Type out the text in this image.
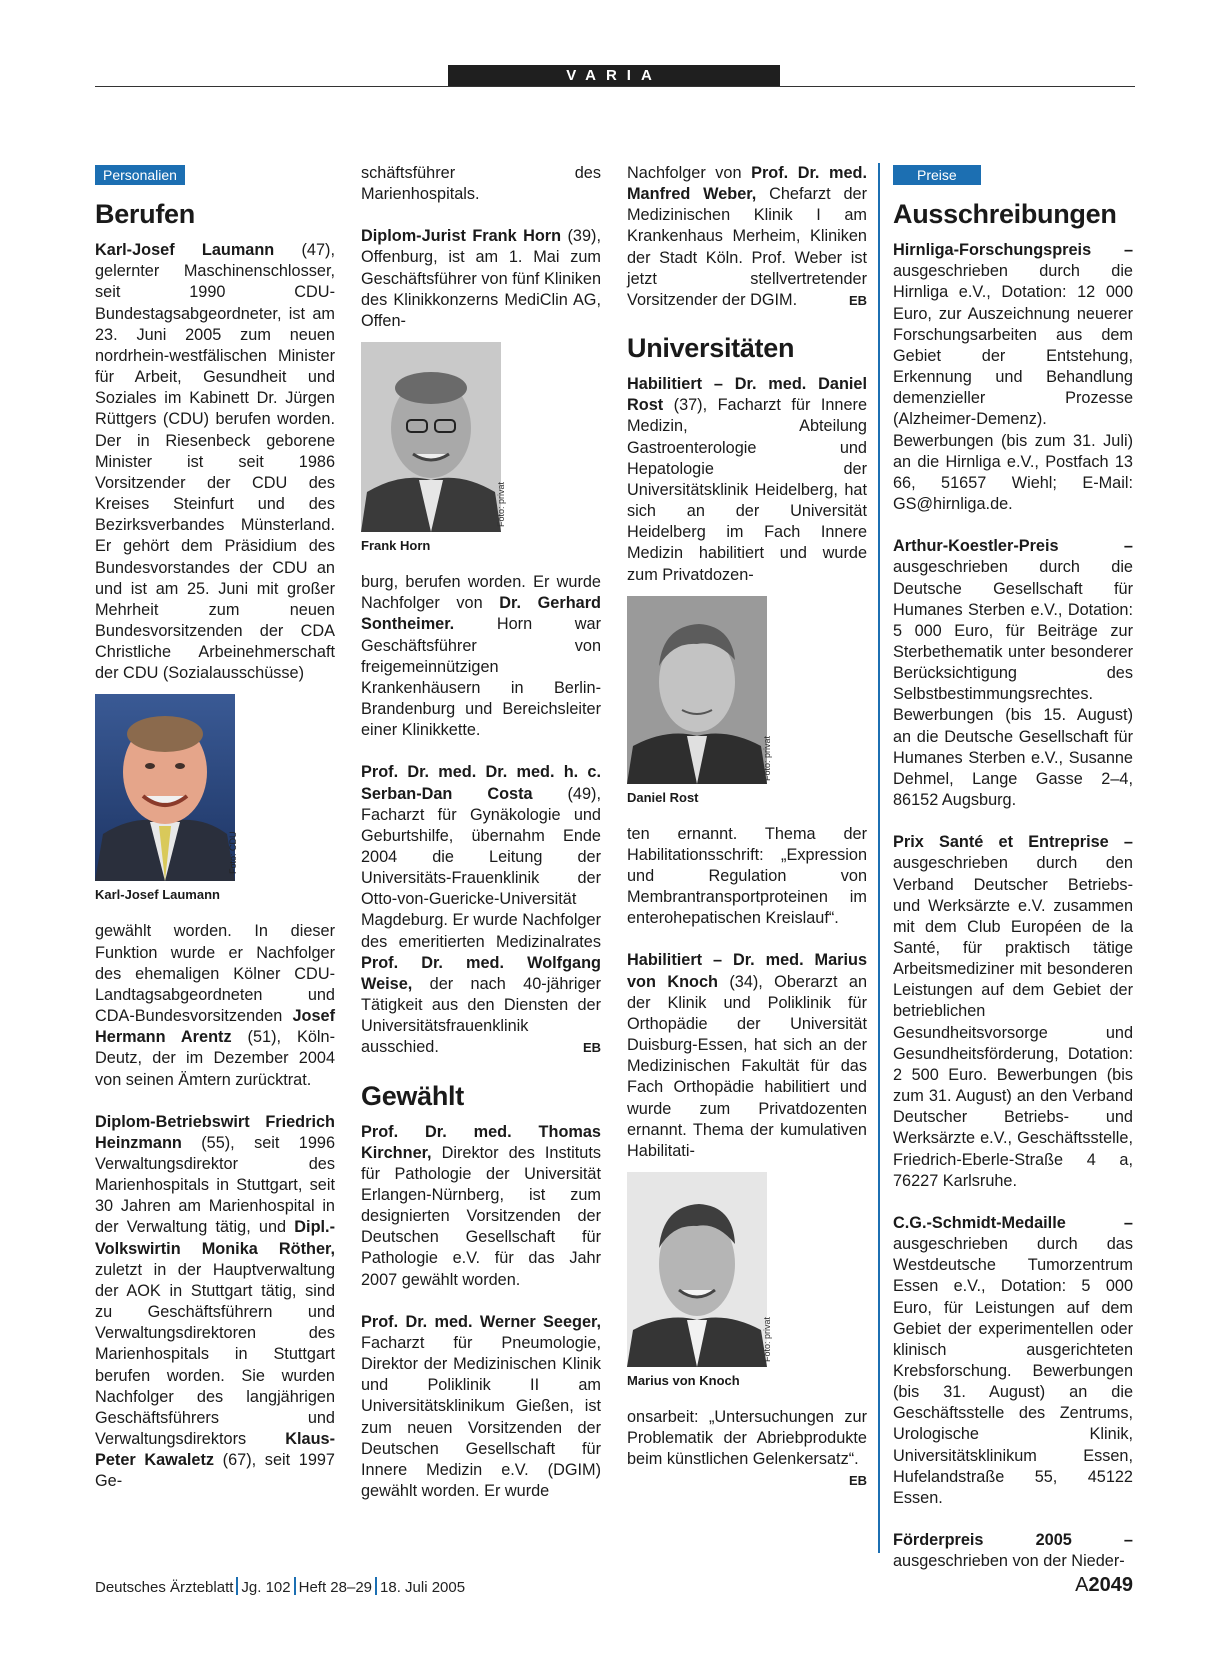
VARIA
Personalien
Berufen

Karl-Josef Laumann (47), gelernter Maschinenschlosser, seit 1990 CDU-Bundestagsabgeordneter, ist am 23. Juni 2005 zum neuen nordrhein-westfälischen Minister für Arbeit, Gesundheit und Soziales im Kabinett Dr. Jürgen Rüttgers (CDU) berufen worden. Der in Riesenbeck geborene Minister ist seit 1986 Vorsitzender der CDU des Kreises Steinfurt und des Bezirksverbandes Münsterland. Er gehört dem Präsidium des Bundesvorstandes der CDU an und ist am 25. Juni mit großer Mehrheit zum neuen Bundesvorsitzenden der CDA Christliche Arbeinehmerschaft der CDU (Sozialausschüsse)

Foto: CDU
Karl-Josef Laumann

gewählt worden. In dieser Funktion wurde er Nachfolger des ehemaligen Kölner CDU-Landtagsabgeordneten und CDA-Bundesvorsitzenden Josef Hermann Arentz (51), Köln-Deutz, der im Dezember 2004 von seinen Ämtern zurücktrat.

Diplom-Betriebswirt Friedrich Heinzmann (55), seit 1996 Verwaltungsdirektor des Marienhospitals in Stuttgart, seit 30 Jahren am Marienhospital in der Verwaltung tätig, und Dipl.-Volkswirtin Monika Röther, zuletzt in der Hauptverwaltung der AOK in Stuttgart tätig, sind zu Geschäftsführern und Verwaltungsdirektoren des Marienhospitals in Stuttgart berufen worden. Sie wurden Nachfolger des langjährigen Geschäftsführers und Verwaltungsdirektors Klaus-Peter Kawaletz (67), seit 1997 Ge-

schäftsführer des Marienhospitals.

Diplom-Jurist Frank Horn (39), Offenburg, ist am 1. Mai zum Geschäftsführer von fünf Kliniken des Klinikkonzerns MediClin AG, Offen-

Foto: privat
Frank Horn

burg, berufen worden. Er wurde Nachfolger von Dr. Gerhard Sontheimer. Horn war Geschäftsführer von freigemeinnützigen Krankenhäusern in Berlin-Brandenburg und Bereichsleiter einer Klinikkette.

Prof. Dr. med. Dr. med. h. c. Serban-Dan Costa (49), Facharzt für Gynäkologie und Geburtshilfe, übernahm Ende 2004 die Leitung der Universitäts-Frauenklinik der Otto-von-Guericke-Universität Magdeburg. Er wurde Nachfolger des emeritierten Medizinalrates Prof. Dr. med. Wolfgang Weise, der nach 40-jähriger Tätigkeit aus den Diensten der Universitätsfrauenklinik ausschied.	EB

Gewählt

Prof. Dr. med. Thomas Kirchner, Direktor des Instituts für Pathologie der Universität Erlangen-Nürnberg, ist zum designierten Vorsitzenden der Deutschen Gesellschaft für Pathologie e.V. für das Jahr 2007 gewählt worden.

Prof. Dr. med. Werner Seeger, Facharzt für Pneumologie, Direktor der Medizinischen Klinik und Poliklinik II am Universitätsklinikum Gießen, ist zum neuen Vorsitzenden der Deutschen Gesellschaft für Innere Medizin e.V. (DGIM) gewählt worden. Er wurde

Nachfolger von Prof. Dr. med. Manfred Weber, Chefarzt der Medizinischen Klinik I am Krankenhaus Merheim, Kliniken der Stadt Köln. Prof. Weber ist jetzt stellvertretender Vorsitzender der DGIM.	EB

Universitäten

Habilitiert – Dr. med. Daniel Rost (37), Facharzt für Innere Medizin, Abteilung Gastroenterologie und Hepatologie der Universitätsklinik Heidelberg, hat sich an der Universität Heidelberg im Fach Innere Medizin habilitiert und wurde zum Privatdozen-

Foto: privat
Daniel Rost

ten ernannt. Thema der Habilitationsschrift: „Expression und Regulation von Membrantransportproteinen im enterohepatischen Kreislauf“.

Habilitiert – Dr. med. Marius von Knoch (34), Oberarzt an der Klinik und Poliklinik für Orthopädie der Universität Duisburg-Essen, hat sich an der Medizinischen Fakultät für das Fach Orthopädie habilitiert und wurde zum Privatdozenten ernannt. Thema der kumulativen Habilitati-

Foto: privat
Marius von Knoch

onsarbeit: „Untersuchungen zur Problematik der Abriebprodukte beim künstlichen Gelenkersatz“.
EB

Preise
Ausschreibungen

Hirnliga-Forschungspreis – ausgeschrieben durch die Hirnliga e.V., Dotation: 12 000 Euro, zur Auszeichnung neuerer Forschungsarbeiten aus dem Gebiet der Entstehung, Erkennung und Behandlung demenzieller Prozesse (Alzheimer-Demenz). Bewerbungen (bis zum 31. Juli) an die Hirnliga e.V., Postfach 13 66, 51657 Wiehl; E-Mail: GS@hirnliga.de.

Arthur-Koestler-Preis – ausgeschrieben durch die Deutsche Gesellschaft für Humanes Sterben e.V., Dotation: 5 000 Euro, für Beiträge zur Sterbethematik unter besonderer Berücksichtigung des Selbstbestimmungsrechtes. Bewerbungen (bis 15. August) an die Deutsche Gesellschaft für Humanes Sterben e.V., Susanne Dehmel, Lange Gasse 2–4, 86152 Augsburg.

Prix Santé et Entreprise – ausgeschrieben durch den Verband Deutscher Betriebs- und Werksärzte e.V. zusammen mit dem Club Européen de la Santé, für praktisch tätige Arbeitsmediziner mit besonderen Leistungen auf dem Gebiet der betrieblichen Gesundheitsvorsorge und Gesundheitsförderung, Dotation: 2 500 Euro. Bewerbungen (bis zum 31. August) an den Verband Deutscher Betriebs- und Werksärzte e.V., Geschäftsstelle, Friedrich-Eberle-Straße 4 a, 76227 Karlsruhe.

C.G.-Schmidt-Medaille – ausgeschrieben durch das Westdeutsche Tumorzentrum Essen e.V., Dotation: 5 000 Euro, für Leistungen auf dem Gebiet der experimentellen oder klinisch ausgerichteten Krebsforschung. Bewerbungen (bis 31. August) an die Geschäftsstelle des Zentrums, Urologische Klinik, Universitätsklinikum Essen, Hufelandstraße 55, 45122 Essen.

Förderpreis 2005 – ausgeschrieben von der Nieder-

Deutsches Ärzteblatt Jg. 102 Heft 28–29 18. Juli 2005	A2049
